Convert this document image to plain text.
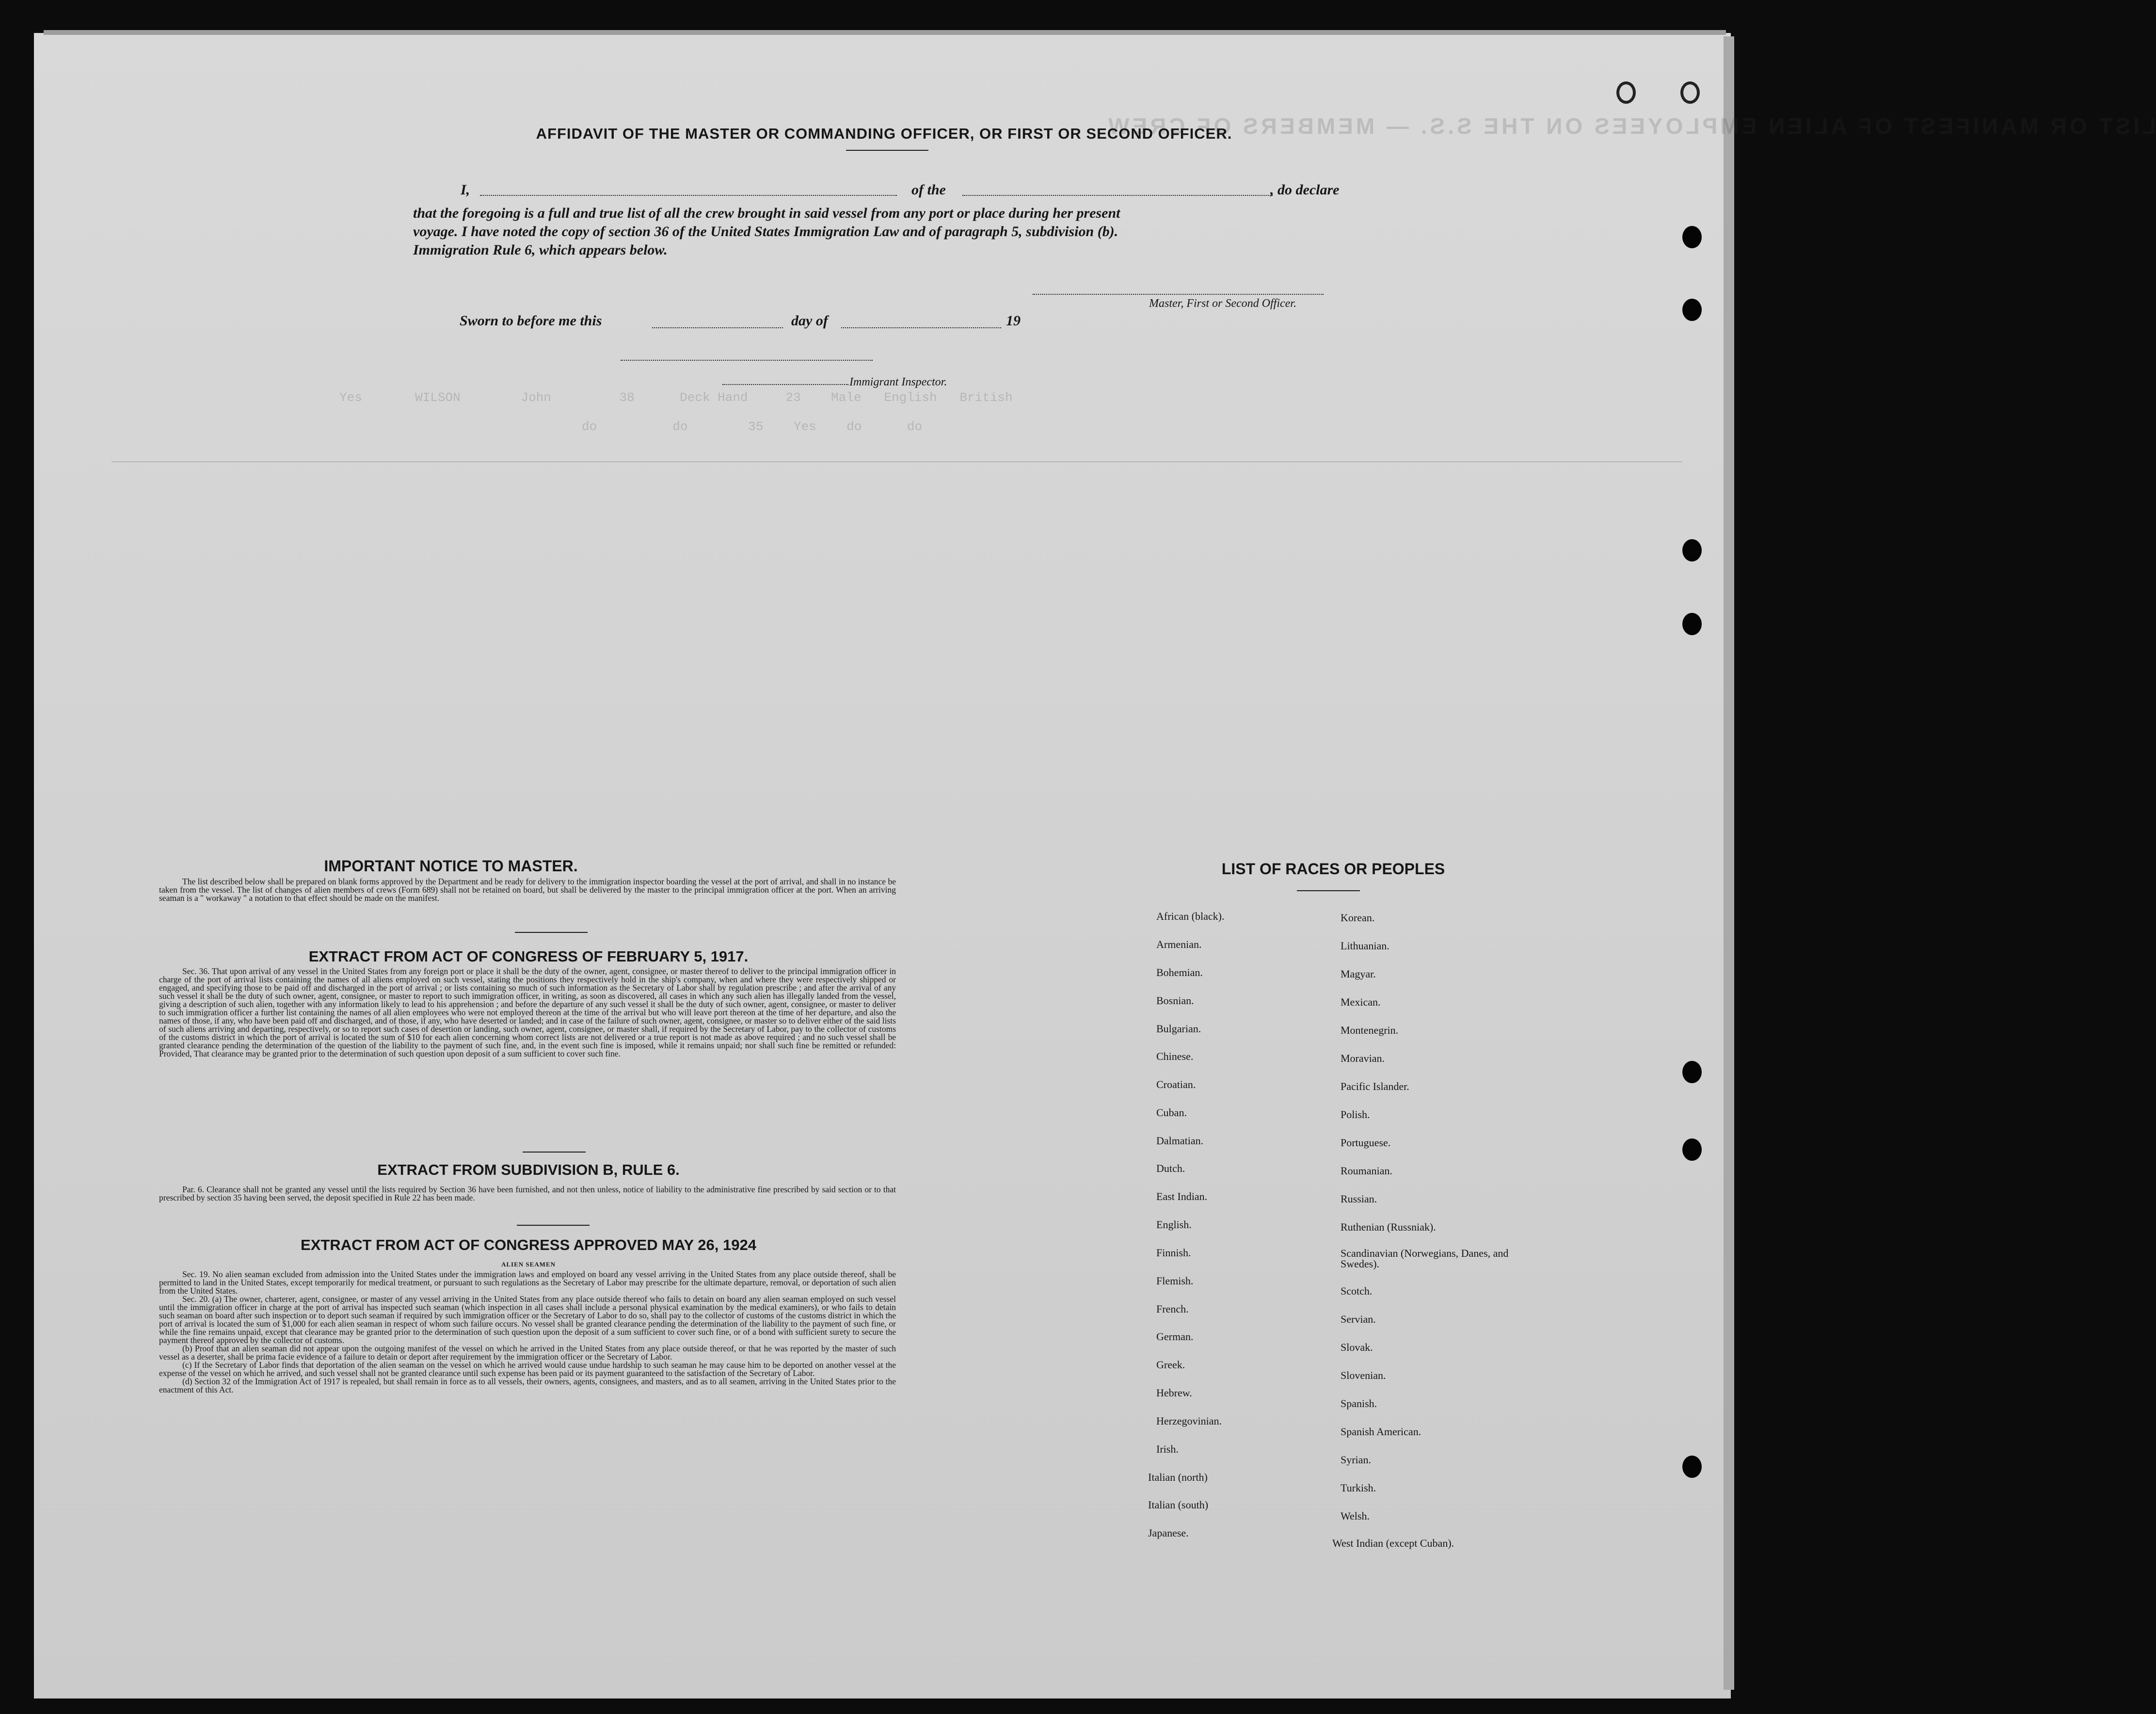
LIST OR MANIFEST OF ALIEN EMPLOYEES ON THE S.S. — MEMBERS OF CREW
Yes       WILSON        John         38      Deck Hand     23    Male   English   British
do          do        35    Yes    do      do
AFFIDAVIT OF THE MASTER OR COMMANDING OFFICER, OR FIRST OR SECOND OFFICER.
I,	of the	, do declare
that the foregoing is a full and true list of all the crew brought in said vessel from any port or place during her present
voyage. I have noted the copy of section 36 of the United States Immigration Law and of paragraph 5, subdivision (b).
Immigration Rule 6, which appears below.
Master, First or Second Officer.
Sworn to before me this	day of	19
Immigrant Inspector.
IMPORTANT NOTICE TO MASTER.

The list described below shall be prepared on blank forms approved by the Department and be ready for delivery to the immigration inspector boarding the vessel at the port of arrival, and shall in no instance be taken from the vessel. The list of changes of alien members of crews (Form 689) shall not be retained on board, but shall be delivered by the master to the principal immigration officer at the port. When an arriving seaman is a " workaway " a notation to that effect should be made on the manifest.

EXTRACT FROM ACT OF CONGRESS OF FEBRUARY 5, 1917.

Sec. 36. That upon arrival of any vessel in the United States from any foreign port or place it shall be the duty of the owner, agent, consignee, or master thereof to deliver to the principal immigration officer in charge of the port of arrival lists containing the names of all aliens employed on such vessel, stating the positions they respectively hold in the ship's company, when and where they were respectively shipped or engaged, and specifying those to be paid off and discharged in the port of arrival ; or lists containing so much of such information as the Secretary of Labor shall by regulation prescribe ; and after the arrival of any such vessel it shall be the duty of such owner, agent, consignee, or master to report to such immigration officer, in writing, as soon as discovered, all cases in which any such alien has illegally landed from the vessel, giving a description of such alien, together with any information likely to lead to his apprehension ; and before the departure of any such vessel it shall be the duty of such owner, agent, consignee, or master to deliver to such immigration officer a further list containing the names of all alien employees who were not employed thereon at the time of the arrival but who will leave port thereon at the time of her departure, and also the names of those, if any, who have been paid off and discharged, and of those, if any, who have deserted or landed; and in case of the failure of such owner, agent, consignee, or master so to deliver either of the said lists of such aliens arriving and departing, respectively, or so to report such cases of desertion or landing, such owner, agent, consignee, or master shall, if required by the Secretary of Labor, pay to the collector of customs of the customs district in which the port of arrival is located the sum of $10 for each alien concerning whom correct lists are not delivered or a true report is not made as above required ; and no such vessel shall be granted clearance pending the determination of the question of the liability to the payment of such fine, and, in the event such fine is imposed, while it remains unpaid; nor shall such fine be remitted or refunded: Provided, That clearance may be granted prior to the determination of such question upon deposit of a sum sufficient to cover such fine.

EXTRACT FROM SUBDIVISION B, RULE 6.

Par. 6. Clearance shall not be granted any vessel until the lists required by Section 36 have been furnished, and not then unless, notice of liability to the administrative fine prescribed by said section or to that prescribed by section 35 having been served, the deposit specified in Rule 22 has been made.

EXTRACT FROM ACT OF CONGRESS APPROVED MAY 26, 1924
ALIEN SEAMEN

Sec. 19. No alien seaman excluded from admission into the United States under the immigration laws and employed on board any vessel arriving in the United States from any place outside thereof, shall be permitted to land in the United States, except temporarily for medical treatment, or pursuant to such regulations as the Secretary of Labor may prescribe for the ultimate departure, removal, or deportation of such alien from the United States.

Sec. 20. (a) The owner, charterer, agent, consignee, or master of any vessel arriving in the United States from any place outside thereof who fails to detain on board any alien seaman employed on such vessel until the immigration officer in charge at the port of arrival has inspected such seaman (which inspection in all cases shall include a personal physical examination by the medical examiners), or who fails to detain such seaman on board after such inspection or to deport such seaman if required by such immigration officer or the Secretary of Labor to do so, shall pay to the collector of customs of the customs district in which the port of arrival is located the sum of $1,000 for each alien seaman in respect of whom such failure occurs. No vessel shall be granted clearance pending the determination of the liability to the payment of such fine, or while the fine remains unpaid, except that clearance may be granted prior to the determination of such question upon the deposit of a sum sufficient to cover such fine, or of a bond with sufficient surety to secure the payment thereof approved by the collector of customs.

(b) Proof that an alien seaman did not appear upon the outgoing manifest of the vessel on which he arrived in the United States from any place outside thereof, or that he was reported by the master of such vessel as a deserter, shall be prima facie evidence of a failure to detain or deport after requirement by the immigration officer or the Secretary of Labor.

(c) If the Secretary of Labor finds that deportation of the alien seaman on the vessel on which he arrived would cause undue hardship to such seaman he may cause him to be deported on another vessel at the expense of the vessel on which he arrived, and such vessel shall not be granted clearance until such expense has been paid or its payment guaranteed to the satisfaction of the Secretary of Labor.

(d) Section 32 of the Immigration Act of 1917 is repealed, but shall remain in force as to all vessels, their owners, agents, consignees, and masters, and as to all seamen, arriving in the United States prior to the enactment of this Act.

LIST OF RACES OR PEOPLES
African (black).
Armenian.
Bohemian.
Bosnian.
Bulgarian.
Chinese.
Croatian.
Cuban.
Dalmatian.
Dutch.
East Indian.
English.
Finnish.
Flemish.
French.
German.
Greek.
Hebrew.
Herzegovinian.
Irish.
Italian (north)
Italian (south)
Japanese.
Korean.
Lithuanian.
Magyar.
Mexican.
Montenegrin.
Moravian.
Pacific Islander.
Polish.
Portuguese.
Roumanian.
Russian.
Ruthenian (Russniak).
Scandinavian (Norwegians, Danes, and Swedes).
Scotch.
Servian.
Slovak.
Slovenian.
Spanish.
Spanish American.
Syrian.
Turkish.
Welsh.
West Indian (except Cuban).
